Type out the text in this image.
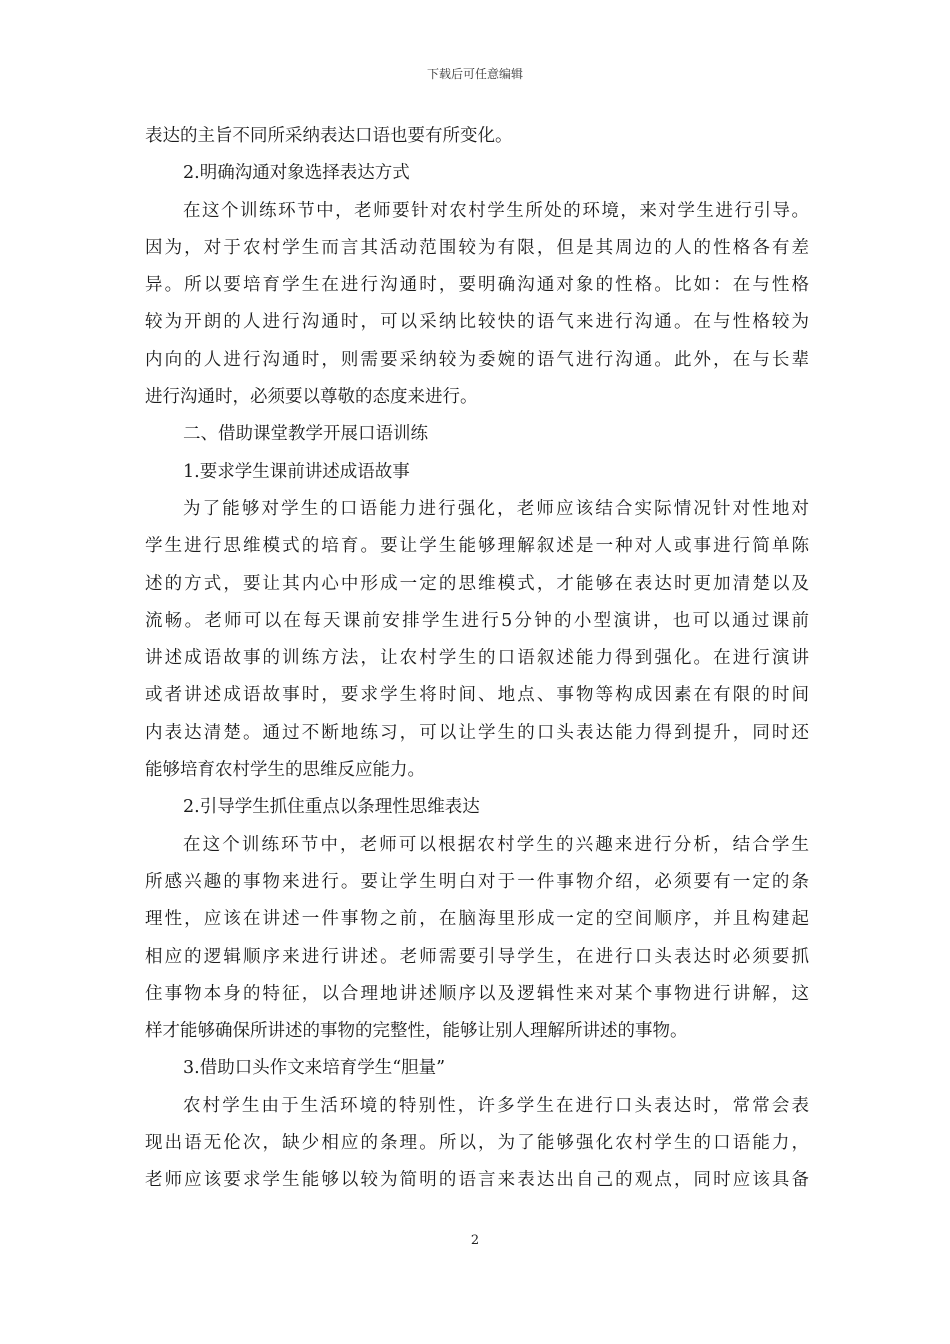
下载后可任意编辑
表达的主旨不同所采纳表达口语也要有所变化。
2.明确沟通对象选择表达方式
在这个训练环节中，老师要针对农村学生所处的环境，来对学生进行引导。
因为，对于农村学生而言其活动范围较为有限，但是其周边的人的性格各有差
异。所以要培育学生在进行沟通时，要明确沟通对象的性格。比如：在与性格
较为开朗的人进行沟通时，可以采纳比较快的语气来进行沟通。在与性格较为
内向的人进行沟通时，则需要采纳较为委婉的语气进行沟通。此外，在与长辈
进行沟通时，必须要以尊敬的态度来进行。
二、借助课堂教学开展口语训练
1.要求学生课前讲述成语故事
为了能够对学生的口语能力进行强化，老师应该结合实际情况针对性地对
学生进行思维模式的培育。要让学生能够理解叙述是一种对人或事进行简单陈
述的方式，要让其内心中形成一定的思维模式，才能够在表达时更加清楚以及
流畅。老师可以在每天课前安排学生进行5分钟的小型演讲，也可以通过课前
讲述成语故事的训练方法，让农村学生的口语叙述能力得到强化。在进行演讲
或者讲述成语故事时，要求学生将时间、地点、事物等构成因素在有限的时间
内表达清楚。通过不断地练习，可以让学生的口头表达能力得到提升，同时还
能够培育农村学生的思维反应能力。
2.引导学生抓住重点以条理性思维表达
在这个训练环节中，老师可以根据农村学生的兴趣来进行分析，结合学生
所感兴趣的事物来进行。要让学生明白对于一件事物介绍，必须要有一定的条
理性，应该在讲述一件事物之前，在脑海里形成一定的空间顺序，并且构建起
相应的逻辑顺序来进行讲述。老师需要引导学生，在进行口头表达时必须要抓
住事物本身的特征，以合理地讲述顺序以及逻辑性来对某个事物进行讲解，这
样才能够确保所讲述的事物的完整性，能够让别人理解所讲述的事物。
3.借助口头作文来培育学生“胆量”
农村学生由于生活环境的特别性，许多学生在进行口头表达时，常常会表
现出语无伦次，缺少相应的条理。所以，为了能够强化农村学生的口语能力，
老师应该要求学生能够以较为简明的语言来表达出自己的观点，同时应该具备
2
